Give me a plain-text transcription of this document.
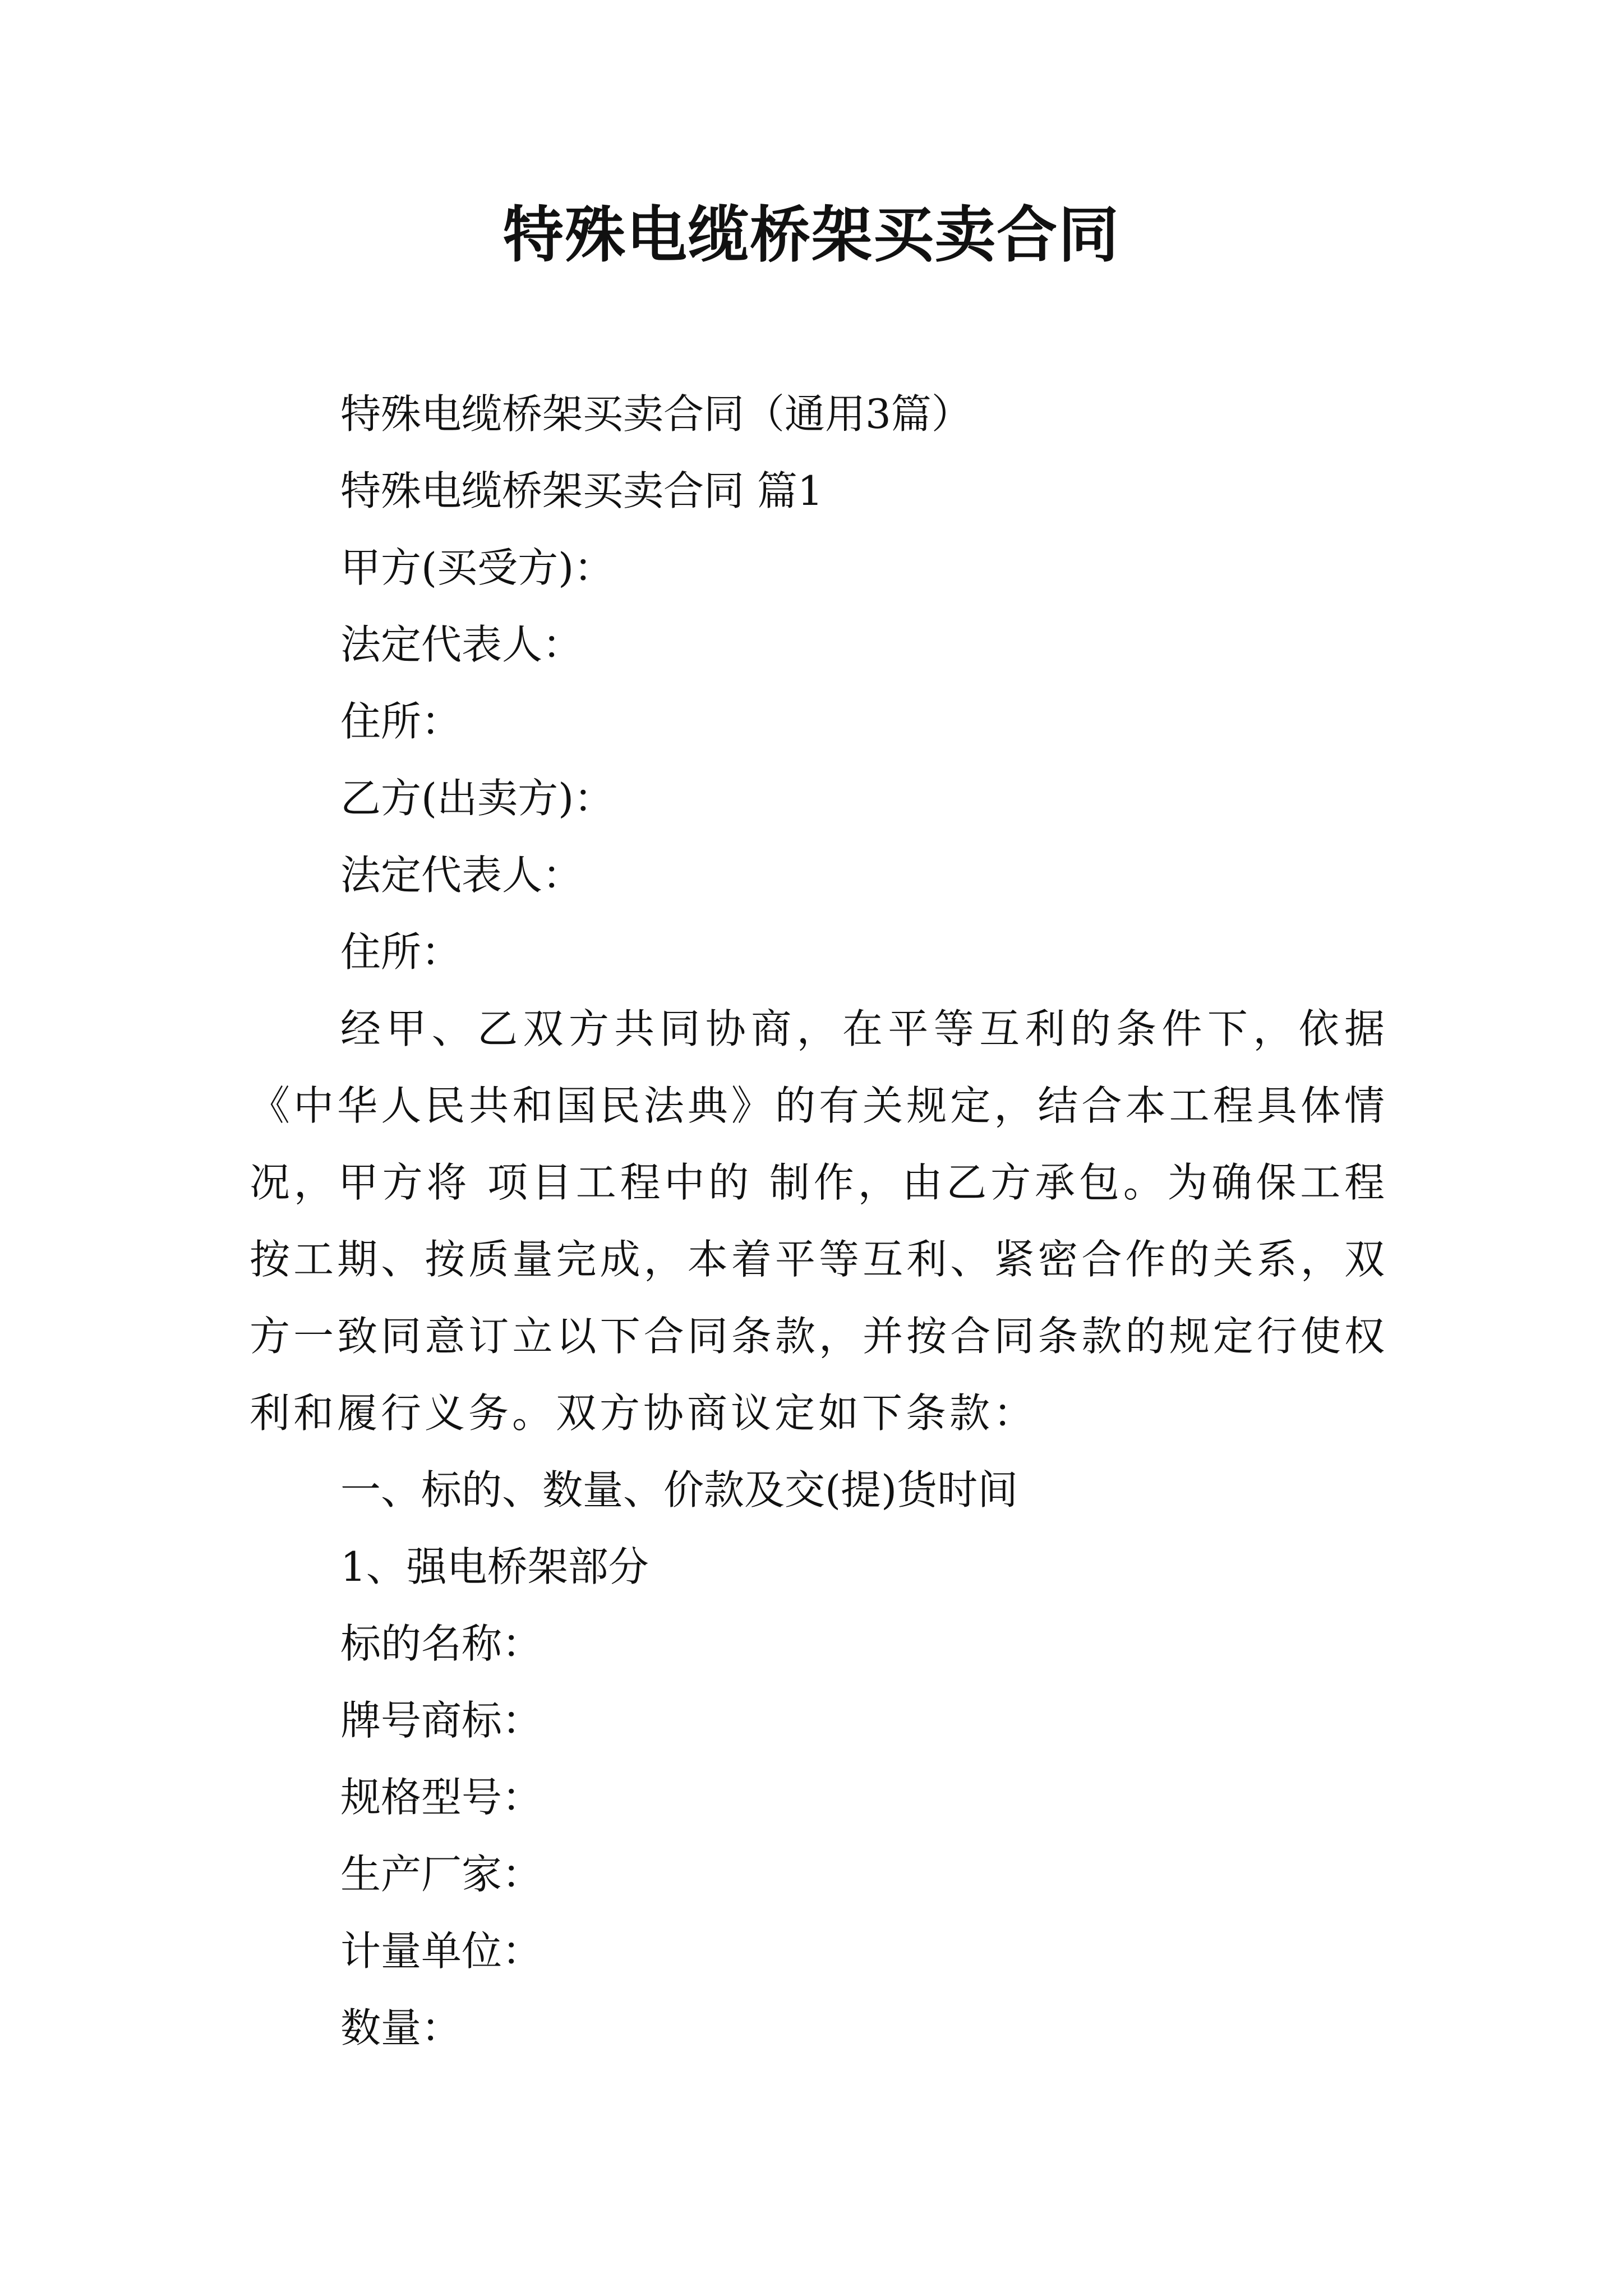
特殊电缆桥架买卖合同
特殊电缆桥架买卖合同（通用3篇）
特殊电缆桥架买卖合同 篇1
甲方(买受方)：
法定代表人：
住所：
乙方(出卖方)：
法定代表人：
住所：
经甲、乙双方共同协商，在平等互利的条件下，依据《中华人民共和国民法典》的有关规定，结合本工程具体情况，甲方将 项目工程中的 制作，由乙方承包。为确保工程按工期、按质量完成，本着平等互利、紧密合作的关系，双方一致同意订立以下合同条款，并按合同条款的规定行使权利和履行义务。双方协商议定如下条款：
一、标的、数量、价款及交(提)货时间
1、强电桥架部分
标的名称：
牌号商标：
规格型号：
生产厂家：
计量单位：
数量：
